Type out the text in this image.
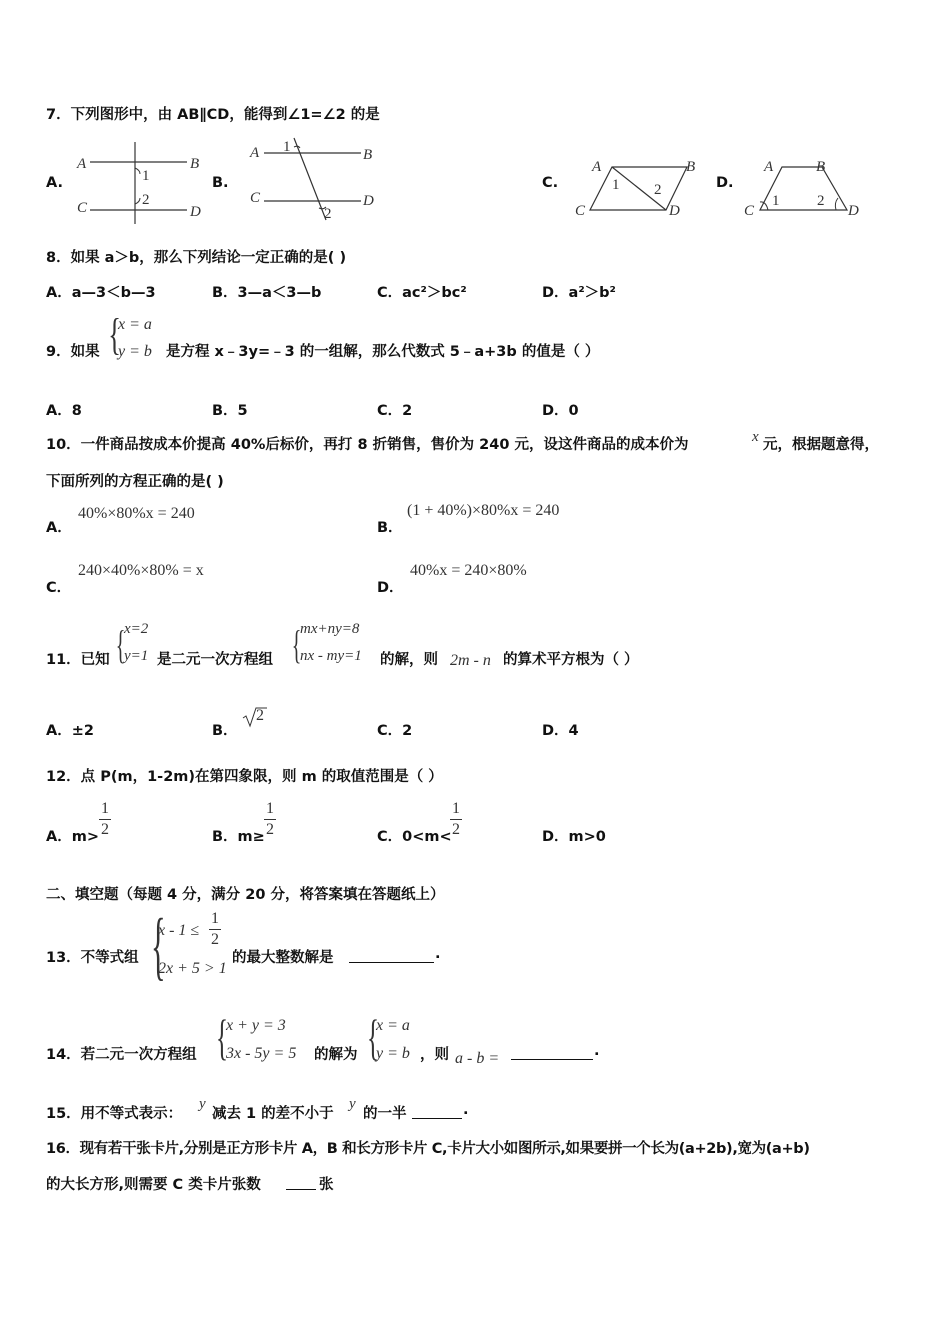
7．下列图形中，由 AB∥CD，能得到∠1=∠2 的是
A.
A	B
C	D
1
2
B.
A	B
C	D
1
2
C.
A	B
C	D
1 2	D.
A	B
C	D
1	2
8．如果 a＞b，那么下列结论一定正确的是( )
A．a—3＜b—3	B．3—a＜3—b	C．ac²＞bc²	D．a²＞b²
9．如果 {
x = a
y = b 是方程 x﹣3y=﹣3 的一组解，那么代数式 5﹣a+3b 的值是（ ）
A．8	B．5	C．2	D．0
10．一件商品按成本价提高 40%后标价，再打 8 折销售，售价为 240 元，设这件商品的成本价为	x 元，根据题意得，
下面所列的方程正确的是( )
A．
40%×80%x = 240
B．
(1 + 40%)×80%x = 240
C．
240×40%×80% = x
D．
40%x = 240×80%
11．已知 {
x=2
y=1 是二元一次方程组 {
mx+ny=8
nx - my=1 的解，则 2m - n 的算术平方根为（ ）
A．±2	B．
2
C．2	D．4
12．点 P(m，1-2m)在第四象限，则 m 的取值范围是（ ）
A．m>
1
2	B．m≥
1
2	C．0<m<
1
2	D．m>0
二、填空题（每题 4 分，满分 20 分，将答案填在答题纸上）
13．不等式组 {
x - 1 ≤
1
2
2x + 5 > 1
的最大整数解是	.
14．若二元一次方程组 {
x + y = 3
3x - 5y = 5 的解为 {
x = a
y = b ，则 a - b =	.
15．用不等式表示：
y
减去 1 的差不小于
y
的一半	.
16．现有若干张卡片,分别是正方形卡片 A，B 和长方形卡片 C,卡片大小如图所示,如果要拼一个长为(a+2b),宽为(a+b)
的大长方形,则需要 C 类卡片张数	张
